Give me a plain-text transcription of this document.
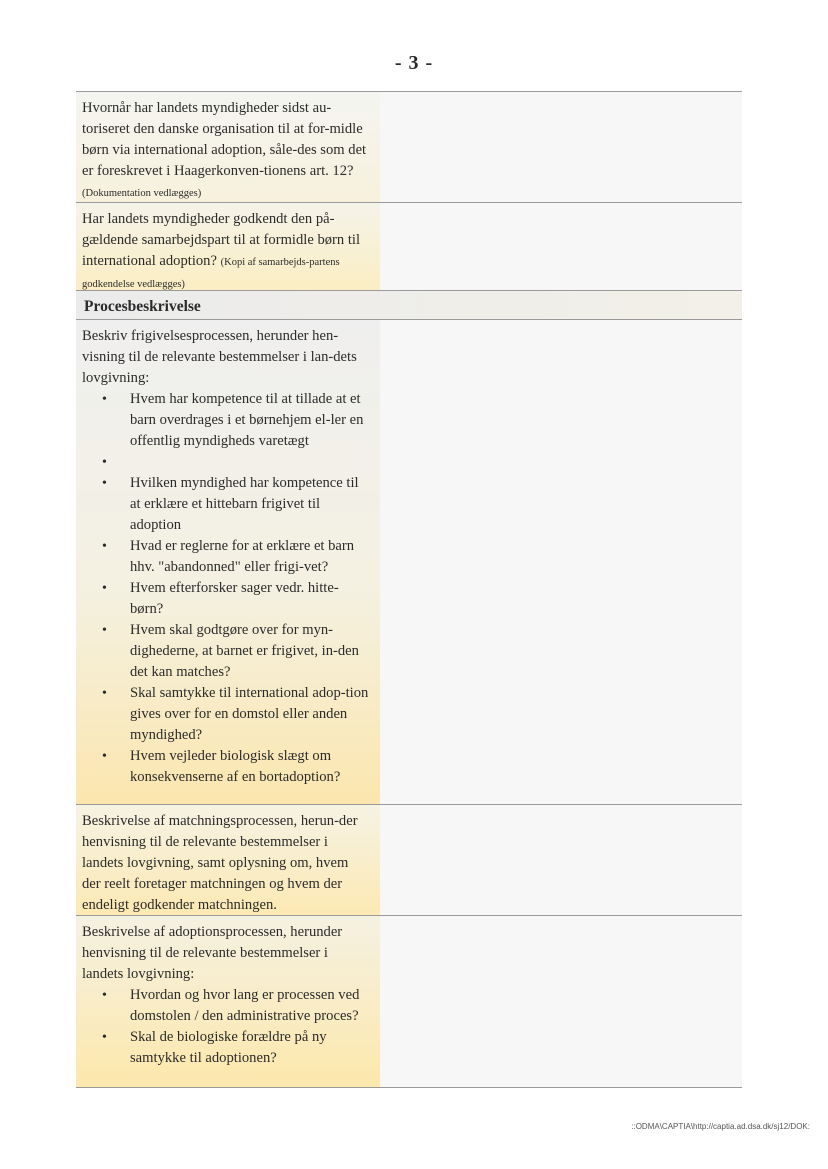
- 3 -
Hvornår har landets myndigheder sidst au-toriseret den danske organisation til at for-midle børn via international adoption, såle-des som det er foreskrevet i Haagerkonven-tionens art. 12? (Dokumentation vedlægges)
Har landets myndigheder godkendt den på-gældende samarbejdspart til at formidle børn til international adoption? (Kopi af samarbejds-partens godkendelse vedlægges)
Procesbeskrivelse
Beskriv frigivelsesprocessen, herunder hen-visning til de relevante bestemmelser i lan-dets lovgivning:
• Hvem har kompetence til at tillade at et barn overdrages i et børnehjem el-ler en offentlig myndigheds varetægt
•
• Hvilken myndighed har kompetence til at erklære et hittebarn frigivet til adoption
• Hvad er reglerne for at erklære et barn hhv. "abandonned" eller frigi-vet?
• Hvem efterforsker sager vedr. hitte-børn?
• Hvem skal godtgøre over for myn-dighederne, at barnet er frigivet, in-den det kan matches?
• Skal samtykke til international adop-tion gives over for en domstol eller anden myndighed?
• Hvem vejleder biologisk slægt om konsekvenserne af en bortadoption?
Beskrivelse af matchningsprocessen, herun-der henvisning til de relevante bestemmelser i landets lovgivning, samt oplysning om, hvem der reelt foretager matchningen og hvem der endeligt godkender matchningen.
Beskrivelse af adoptionsprocessen, herunder henvisning til de relevante bestemmelser i landets lovgivning:
• Hvordan og hvor lang er processen ved domstolen / den administrative proces?
• Skal de biologiske forældre på ny samtykke til adoptionen?
::ODMA\CAPTIA\http://captia.ad.dsa.dk/sj12/DOK:
